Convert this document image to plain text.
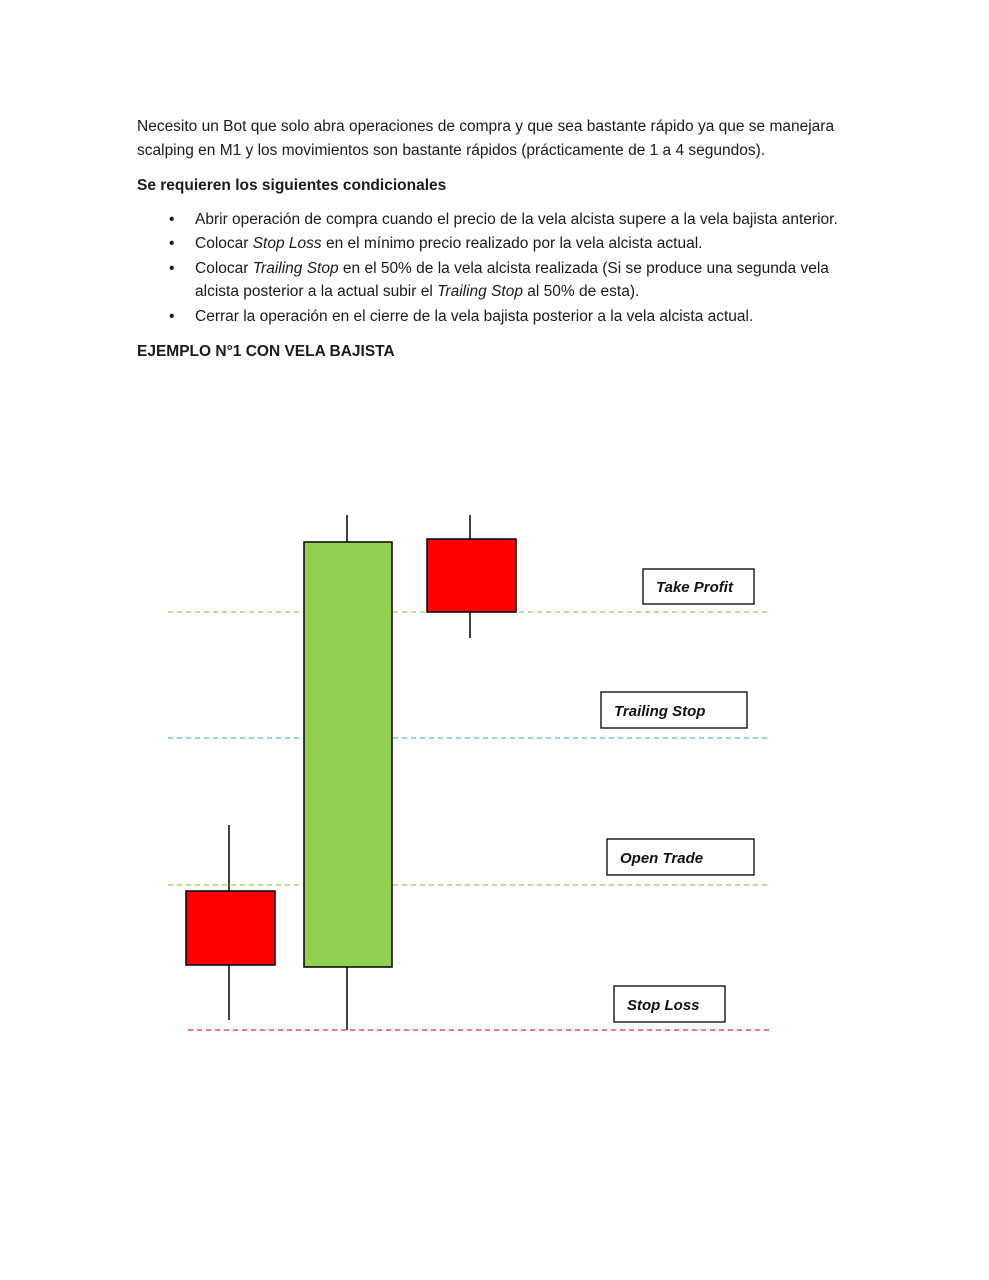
Necesito un Bot que solo abra operaciones de compra y que sea bastante rápido ya que se manejara scalping en M1 y los movimientos son bastante rápidos (prácticamente de 1 a 4 segundos).

Se requieren los siguientes condicionales

• Abrir operación de compra cuando el precio de la vela alcista supere a la vela bajista anterior.
• Colocar Stop Loss en el mínimo precio realizado por la vela alcista actual.
• Colocar Trailing Stop en el 50% de la vela alcista realizada (Si se produce una segunda vela alcista posterior a la actual subir el Trailing Stop al 50% de esta).
• Cerrar la operación en el cierre de la vela bajista posterior a la vela alcista actual.

EJEMPLO N°1 CON VELA BAJISTA

Take Profit
Trailing Stop
Open Trade
Stop Loss
